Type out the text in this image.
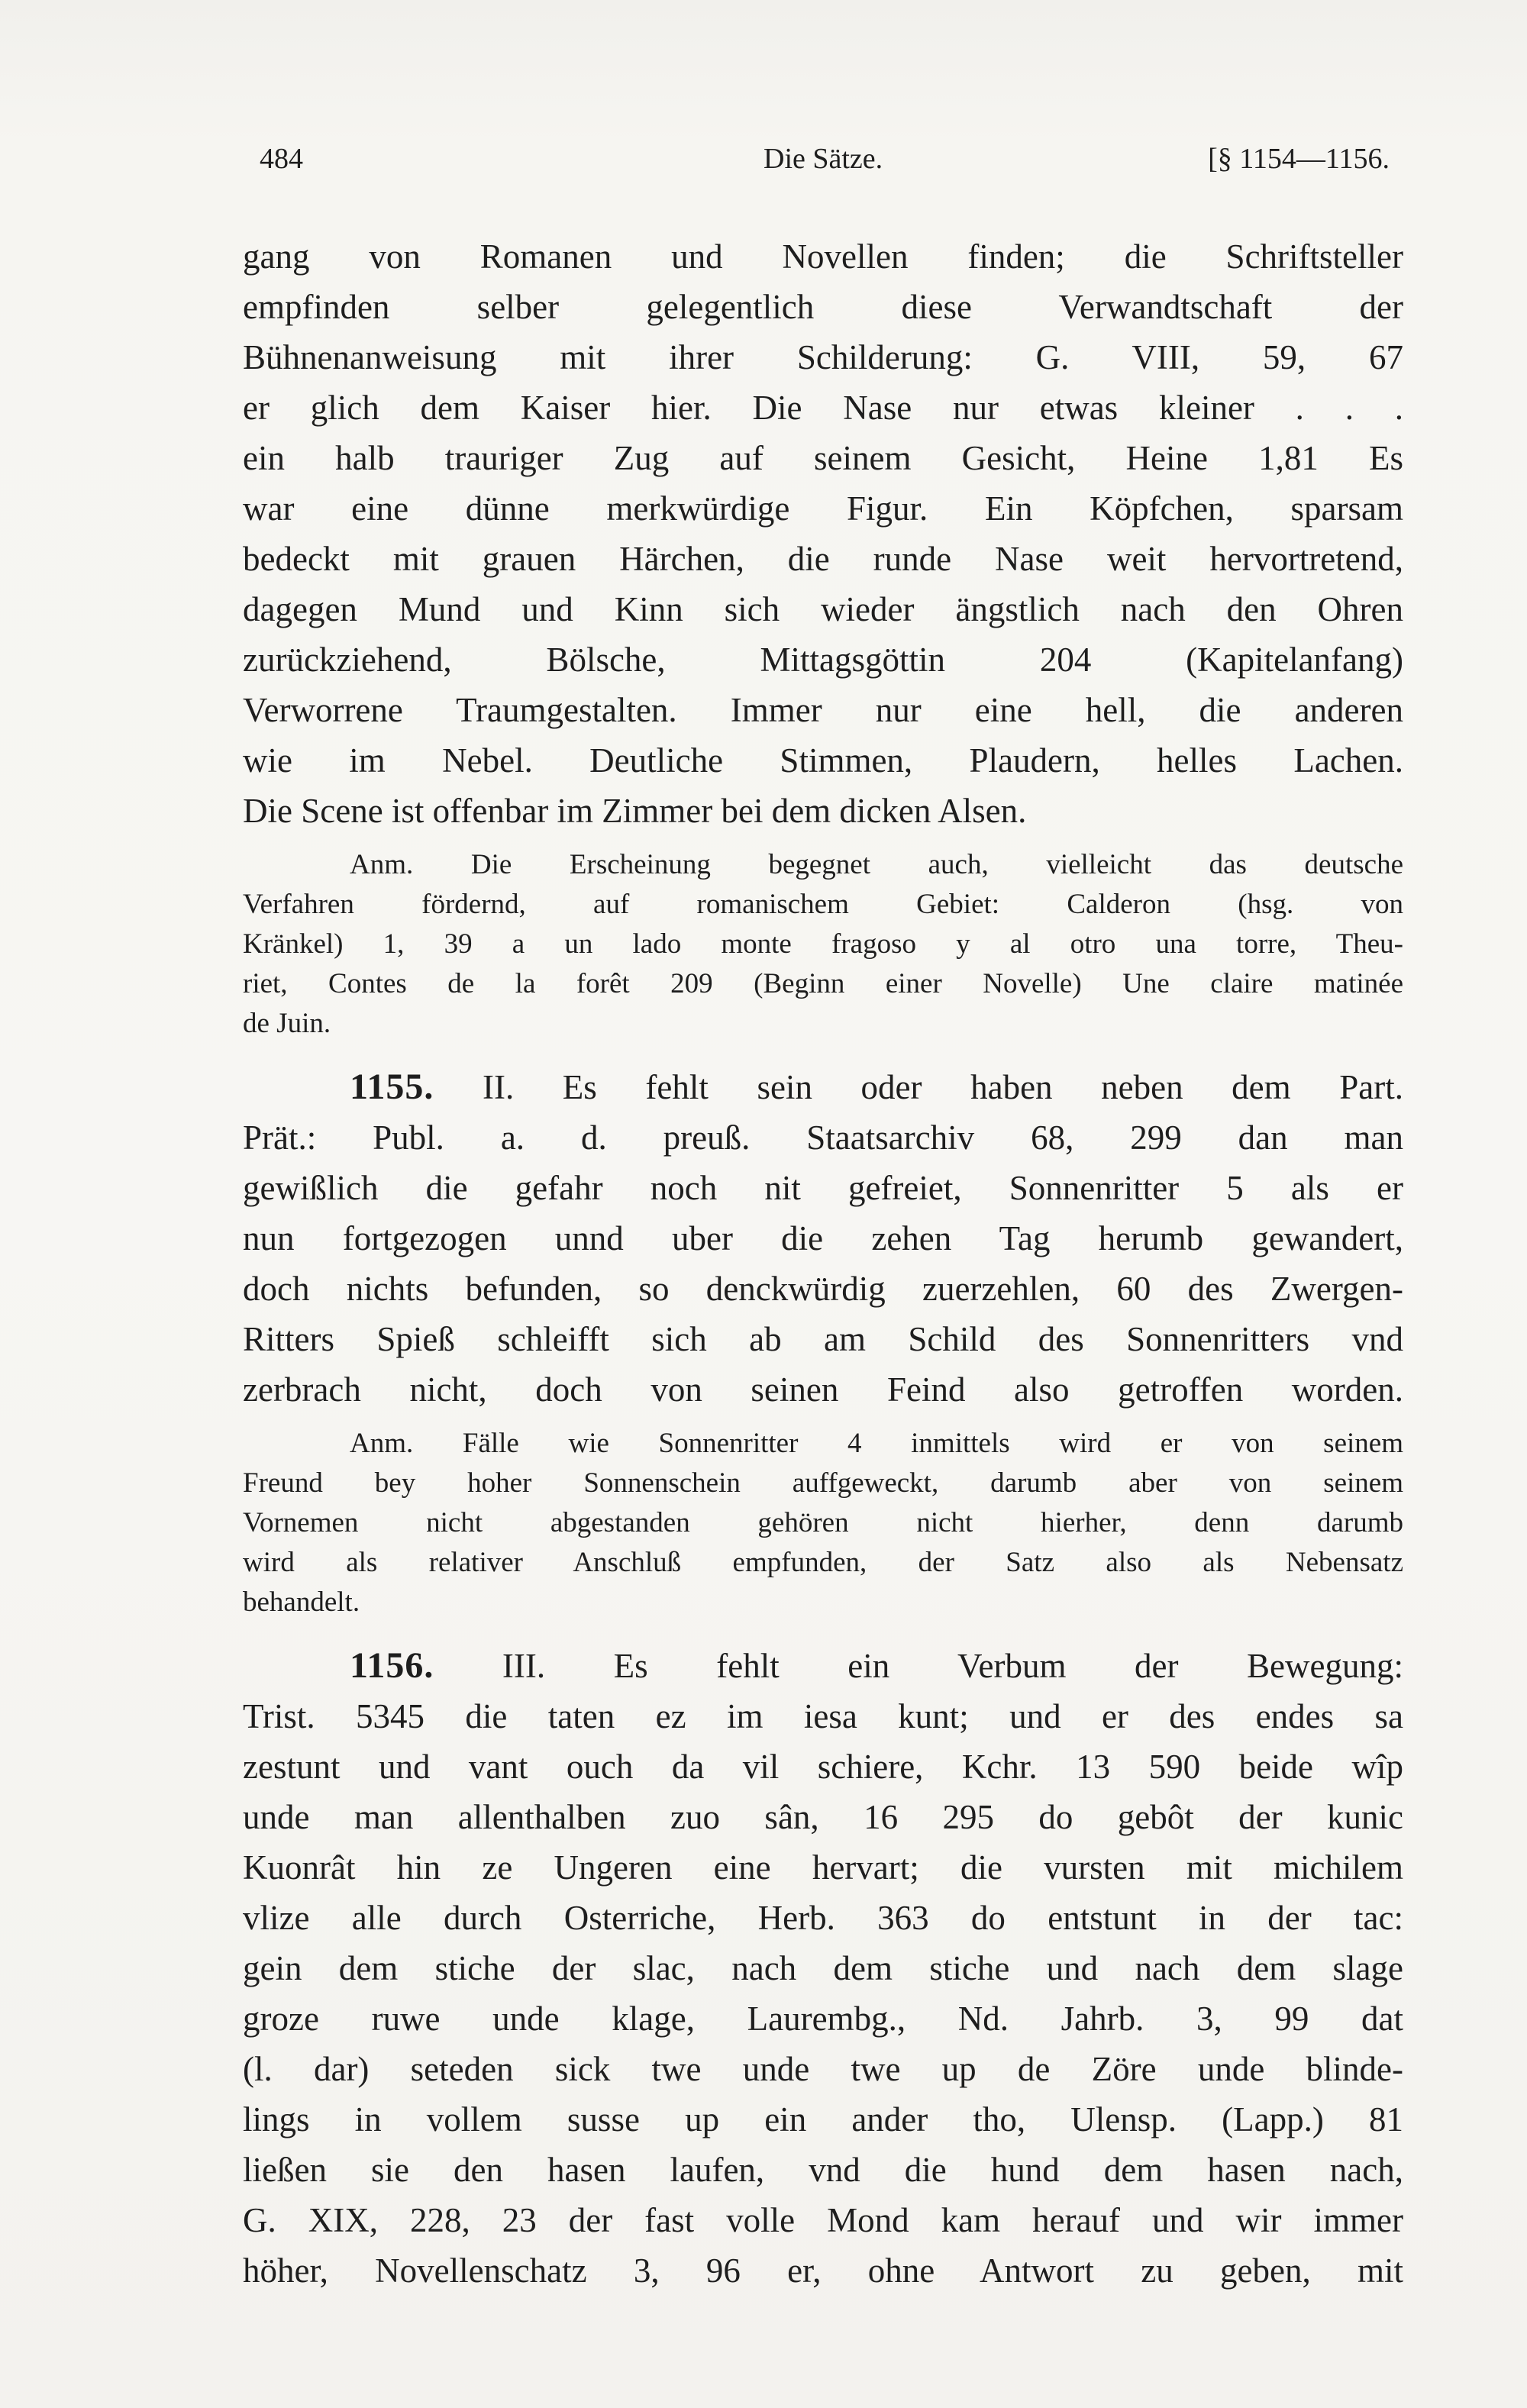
484	Die Sätze.	[§ 1154—1156.
gang von Romanen und Novellen finden; die Schriftsteller
empfinden selber gelegentlich diese Verwandtschaft der
Bühnenanweisung mit ihrer Schilderung: G. VIII, 59, 67
er glich dem Kaiser hier. Die Nase nur etwas kleiner . . .
ein halb trauriger Zug auf seinem Gesicht, Heine 1,81 Es
war eine dünne merkwürdige Figur. Ein Köpfchen, sparsam
bedeckt mit grauen Härchen, die runde Nase weit hervortretend,
dagegen Mund und Kinn sich wieder ängstlich nach den Ohren
zurückziehend, Bölsche, Mittagsgöttin 204 (Kapitelanfang)
Verworrene Traumgestalten. Immer nur eine hell, die anderen
wie im Nebel. Deutliche Stimmen, Plaudern, helles Lachen.
Die Scene ist offenbar im Zimmer bei dem dicken Alsen.
Anm. Die Erscheinung begegnet auch, vielleicht das deutsche
Verfahren fördernd, auf romanischem Gebiet: Calderon (hsg. von
Kränkel) 1, 39 a un lado monte fragoso y al otro una torre, Theu-
riet, Contes de la forêt 209 (Beginn einer Novelle) Une claire matinée
de Juin.
1155. II. Es fehlt sein oder haben neben dem Part.
Prät.: Publ. a. d. preuß. Staatsarchiv 68, 299 dan man
gewißlich die gefahr noch nit gefreiet, Sonnenritter 5 als er
nun fortgezogen unnd uber die zehen Tag herumb gewandert,
doch nichts befunden, so denckwürdig zuerzehlen, 60 des Zwergen-
Ritters Spieß schleifft sich ab am Schild des Sonnenritters vnd
zerbrach nicht, doch von seinen Feind also getroffen worden.
Anm. Fälle wie Sonnenritter 4 inmittels wird er von seinem
Freund bey hoher Sonnenschein auffgeweckt, darumb aber von seinem
Vornemen nicht abgestanden gehören nicht hierher, denn darumb
wird als relativer Anschluß empfunden, der Satz also als Nebensatz
behandelt.
1156. III. Es fehlt ein Verbum der Bewegung:
Trist. 5345 die taten ez im iesa kunt; und er des endes sa
zestunt und vant ouch da vil schiere, Kchr. 13 590 beide wîp
unde man allenthalben zuo sân, 16 295 do gebôt der kunic
Kuonrât hin ze Ungeren eine hervart; die vursten mit michilem
vlize alle durch Osterriche, Herb. 363 do entstunt in der tac:
gein dem stiche der slac, nach dem stiche und nach dem slage
groze ruwe unde klage, Laurembg., Nd. Jahrb. 3, 99 dat
(l. dar) seteden sick twe unde twe up de Zöre unde blinde-
lings in vollem susse up ein ander tho, Ulensp. (Lapp.) 81
ließen sie den hasen laufen, vnd die hund dem hasen nach,
G. XIX, 228, 23 der fast volle Mond kam herauf und wir immer
höher, Novellenschatz 3, 96 er, ohne Antwort zu geben, mit
